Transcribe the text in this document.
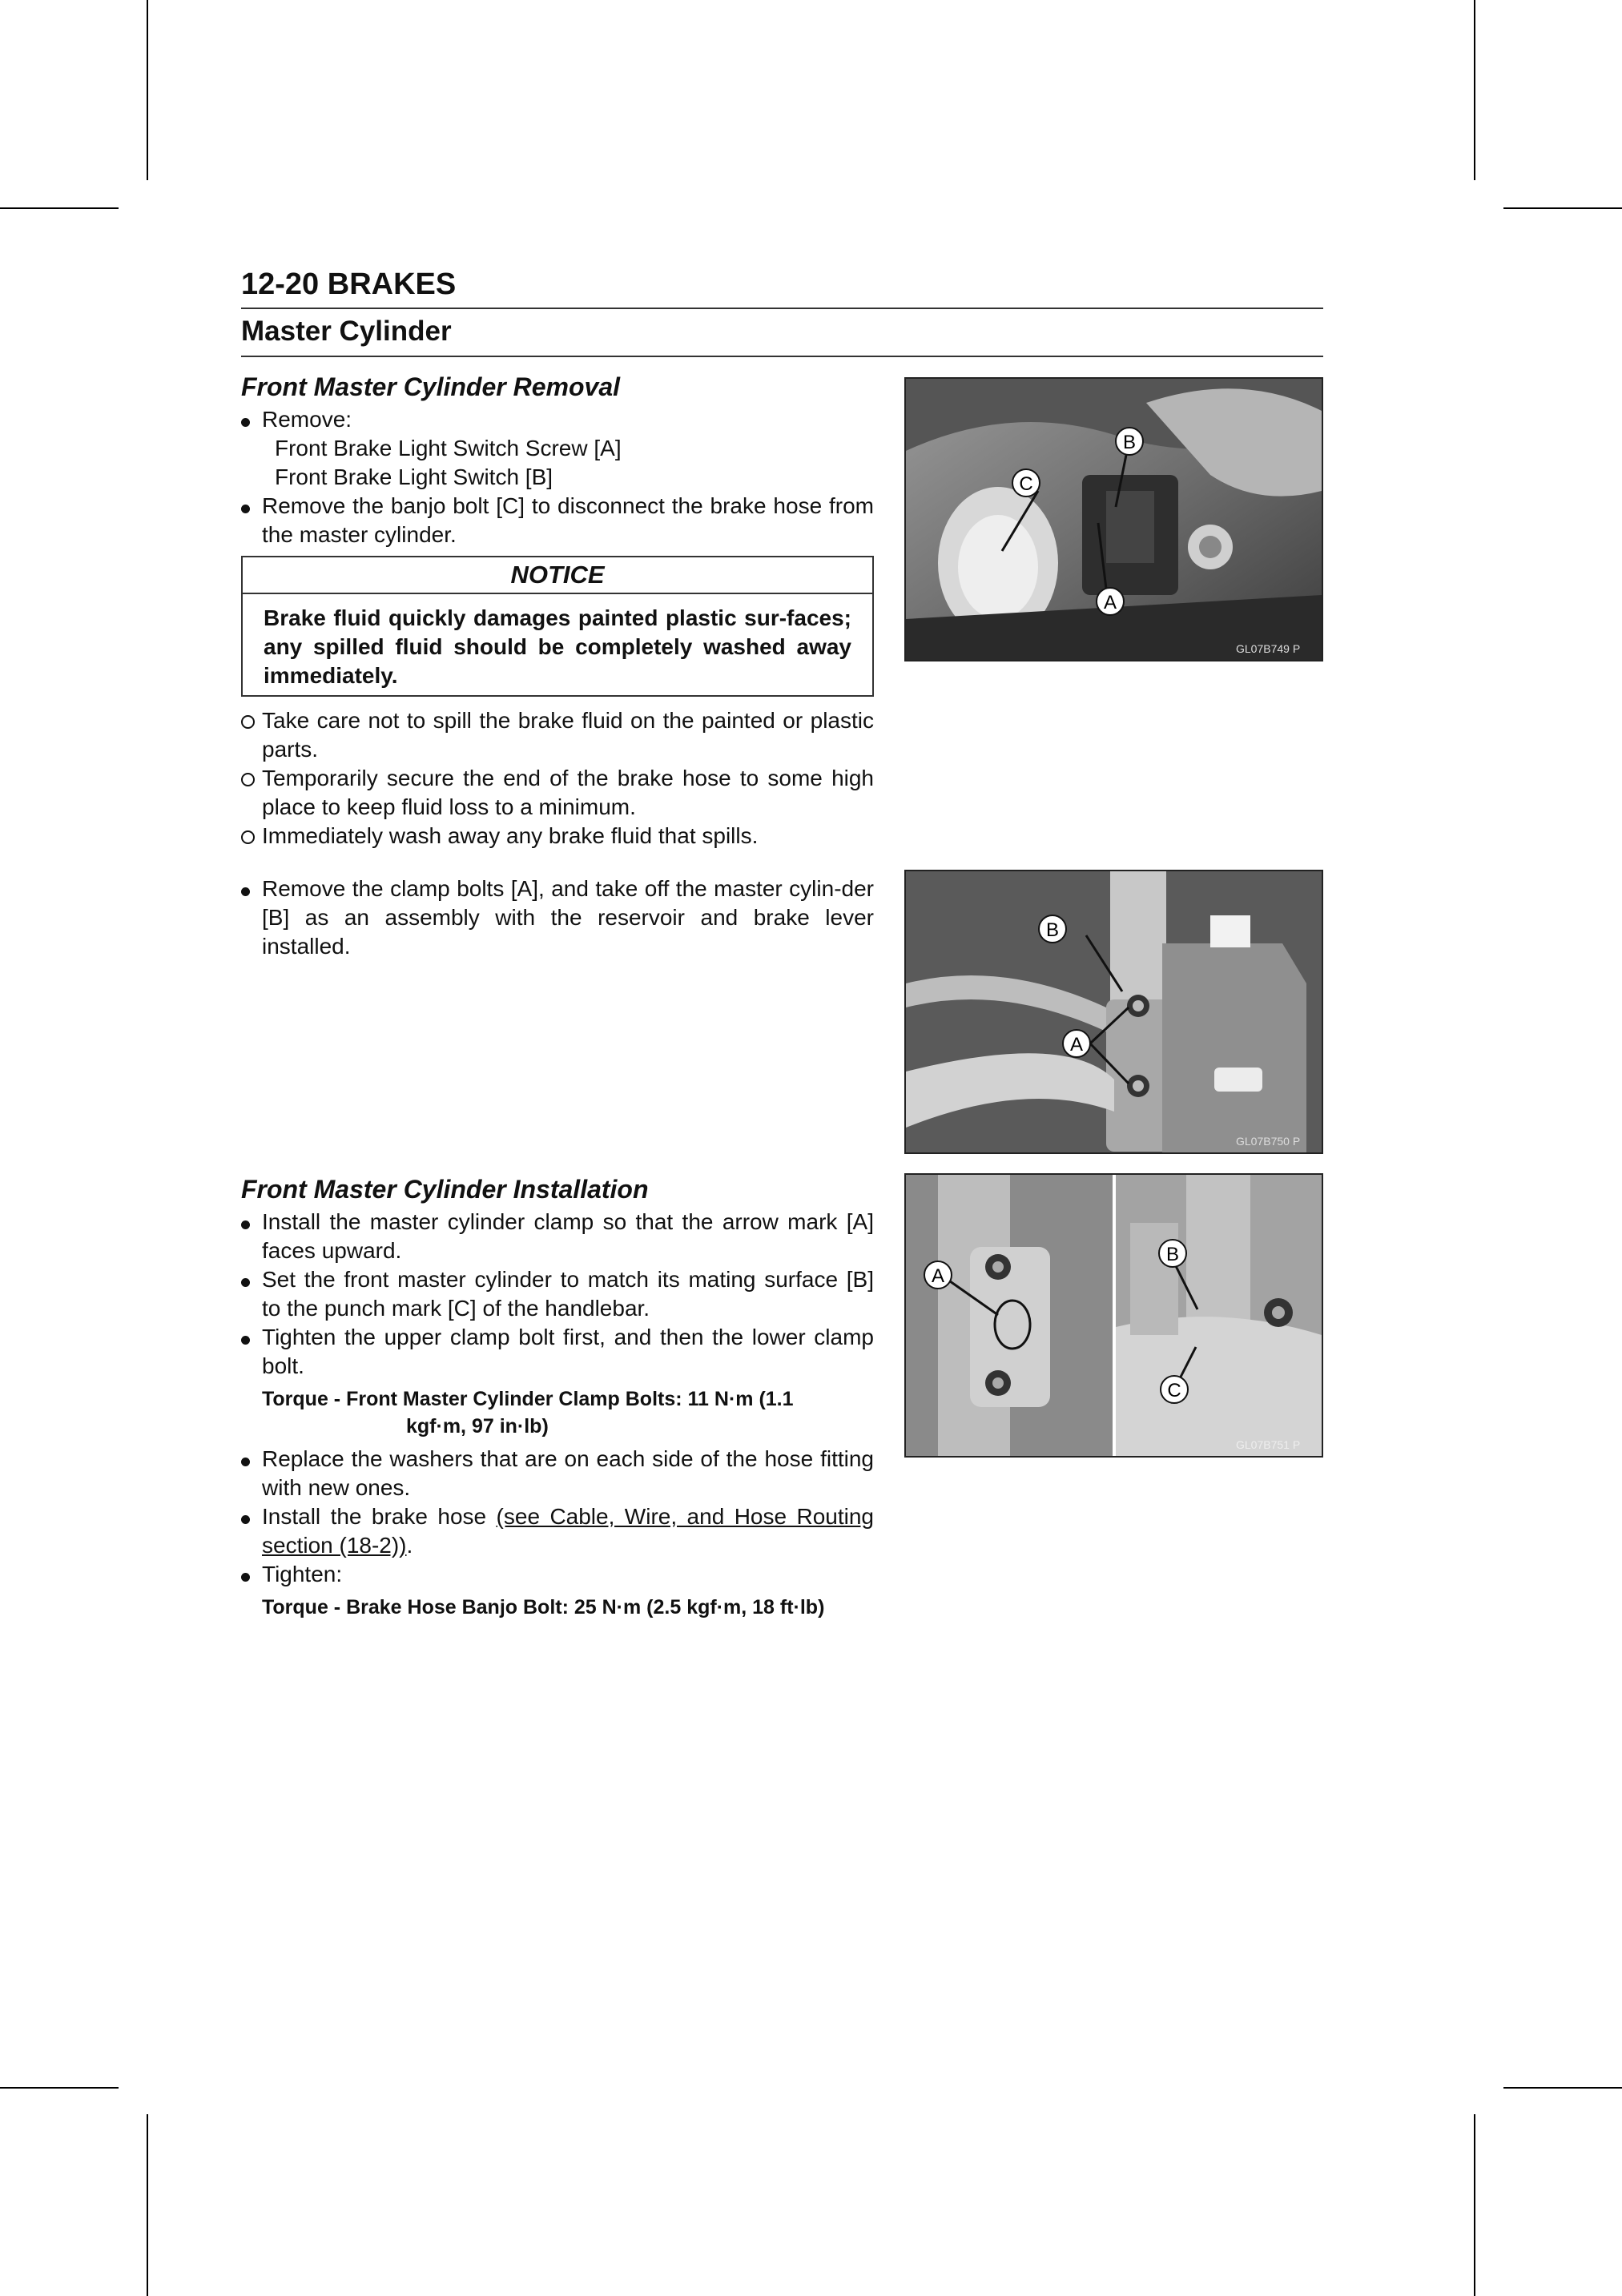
12-20 BRAKES
Master Cylinder
Front Master Cylinder Removal
Remove:
Front Brake Light Switch Screw [A]
Front Brake Light Switch [B]
Remove the banjo bolt [C] to disconnect the brake hose from the master cylinder.
NOTICE
Brake fluid quickly damages painted plastic sur-faces; any spilled fluid should be completely washed away immediately.
Take care not to spill the brake fluid on the painted or plastic parts.
Temporarily secure the end of the brake hose to some high place to keep fluid loss to a minimum.
Immediately wash away any brake fluid that spills.
Remove the clamp bolts [A], and take off the master cylin-der [B] as an assembly with the reservoir and brake lever installed.
Front Master Cylinder Installation
Install the master cylinder clamp so that the arrow mark [A] faces upward.
Set the front master cylinder to match its mating surface [B] to the punch mark [C] of the handlebar.
Tighten the upper clamp bolt first, and then the lower clamp bolt.
Torque - Front Master Cylinder Clamp Bolts: 11 N·m (1.1
kgf·m, 97 in·lb)
Replace the washers that are on each side of the hose fitting with new ones.
Install the brake hose (see Cable, Wire, and Hose Routing section (18-2)).
Tighten:
Torque - Brake Hose Banjo Bolt: 25 N·m (2.5 kgf·m, 18 ft·lb)
C
B
A
GL07B749 P
B
A
GL07B750 P
A
B
C
GL07B751 P
